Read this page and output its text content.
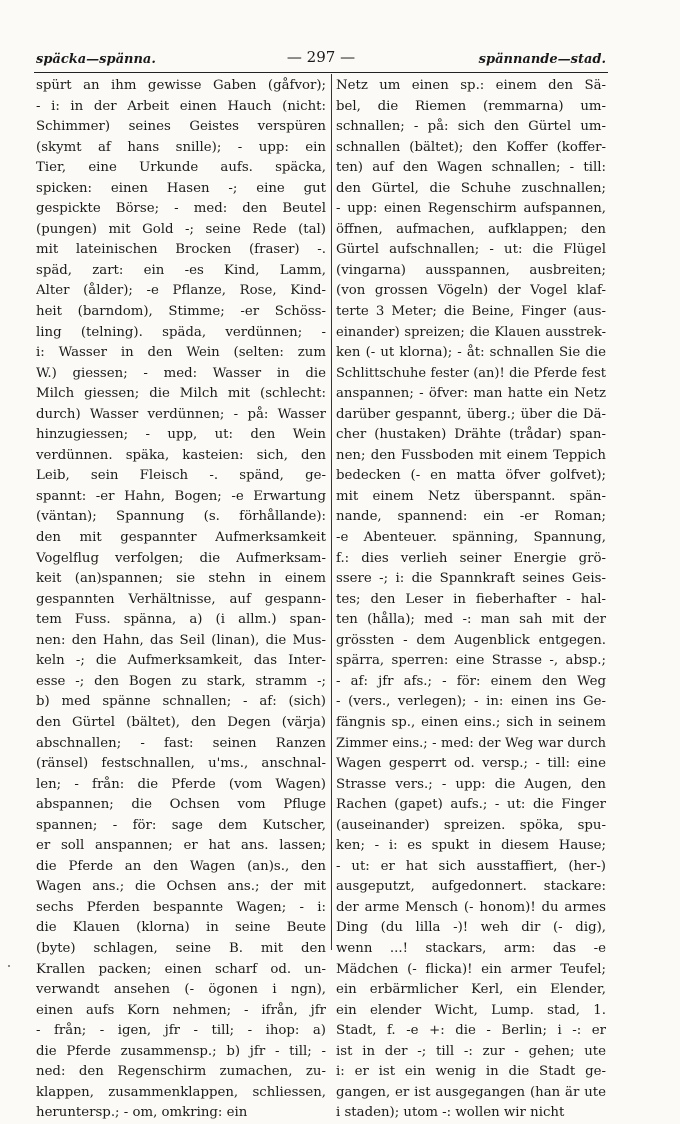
späcka—spänna.	— 297 —	spännande—stad.
spürt an ihm gewisse Gaben (gåfvor);
- i: in der Arbeit einen Hauch (nicht:
Schimmer) seines Geistes verspüren
(skymt af hans snille); - upp: ein
Tier, eine Urkunde aufs. späcka,
spicken: einen Hasen -; eine gut
gespickte Börse; - med: den Beutel
(pungen) mit Gold -; seine Rede (tal)
mit lateinischen Brocken (fraser) -.
späd, zart: ein -es Kind, Lamm,
Alter (ålder); -e Pflanze, Rose, Kind-
heit (barndom), Stimme; -er Schöss-
ling (telning). späda, verdünnen; -
i: Wasser in den Wein (selten: zum
W.) giessen; - med: Wasser in die
Milch giessen; die Milch mit (schlecht:
durch) Wasser verdünnen; - på: Wasser
hinzugiessen; - upp, ut: den Wein
verdünnen. späka, kasteien: sich, den
Leib, sein Fleisch -. spänd, ge-
spannt: -er Hahn, Bogen; -e Erwartung
(väntan); Spannung (s. förhållande):
den mit gespannter Aufmerksamkeit
Vogelflug verfolgen; die Aufmerksam-
keit (an)spannen; sie stehn in einem
gespannten Verhältnisse, auf gespann-
tem Fuss. spänna, a) (i allm.) span-
nen: den Hahn, das Seil (linan), die Mus-
keln -; die Aufmerksamkeit, das Inter-
esse -; den Bogen zu stark, stramm -;
b) med spänne schnallen; - af: (sich)
den Gürtel (bältet), den Degen (värja)
abschnallen; - fast: seinen Ranzen
(ränsel) festschnallen, u'ms., anschnal-
len; - från: die Pferde (vom Wagen)
abspannen; die Ochsen vom Pfluge
spannen; - för: sage dem Kutscher,
er soll anspannen; er hat ans. lassen;
die Pferde an den Wagen (an)s., den
Wagen ans.; die Ochsen ans.; der mit
sechs Pferden bespannte Wagen; - i:
die Klauen (klorna) in seine Beute
(byte) schlagen, seine B. mit den
Krallen packen; einen scharf od. un-
verwandt ansehen (- ögonen i ngn),
einen aufs Korn nehmen; - ifrån, jfr
- från; - igen, jfr - till; - ihop: a)
die Pferde zusammensp.; b) jfr - till; -
ned: den Regenschirm zumachen, zu-
klappen, zusammenklappen, schliessen,
heruntersp.; - om, omkring: ein
Netz um einen sp.: einem den Sä-
bel, die Riemen (remmarna) um-
schnallen; - på: sich den Gürtel um-
schnallen (bältet); den Koffer (koffer-
ten) auf den Wagen schnallen; - till:
den Gürtel, die Schuhe zuschnallen;
- upp: einen Regenschirm aufspannen,
öffnen, aufmachen, aufklappen; den
Gürtel aufschnallen; - ut: die Flügel
(vingarna) ausspannen, ausbreiten;
(von grossen Vögeln) der Vogel klaf-
terte 3 Meter; die Beine, Finger (aus-
einander) spreizen; die Klauen ausstrek-
ken (- ut klorna); - åt: schnallen Sie die
Schlittschuhe fester (an)! die Pferde fest
anspannen; - öfver: man hatte ein Netz
darüber gespannt, überg.; über die Dä-
cher (hustaken) Drähte (trådar) span-
nen; den Fussboden mit einem Teppich
bedecken (- en matta öfver golfvet);
mit einem Netz überspannt. spän-
nande, spannend: ein -er Roman;
-e Abenteuer. spänning, Spannung,
f.: dies verlieh seiner Energie grö-
ssere -; i: die Spannkraft seines Geis-
tes; den Leser in fieberhafter - hal-
ten (hålla); med -: man sah mit der
grössten - dem Augenblick entgegen.
spärra, sperren: eine Strasse -, absp.;
- af: jfr afs.; - för: einem den Weg
- (vers., verlegen); - in: einen ins Ge-
fängnis sp., einen eins.; sich in seinem
Zimmer eins.; - med: der Weg war durch
Wagen gesperrt od. versp.; - till: eine
Strasse vers.; - upp: die Augen, den
Rachen (gapet) aufs.; - ut: die Finger
(auseinander) spreizen. spöka, spu-
ken; - i: es spukt in diesem Hause;
- ut: er hat sich ausstaffiert, (her-)
ausgeputzt, aufgedonnert. stackare:
der arme Mensch (- honom)! du armes
Ding (du lilla -)! weh dir (- dig),
wenn ...! stackars, arm: das -e
Mädchen (- flicka)! ein armer Teufel;
ein erbärmlicher Kerl, ein Elender,
ein elender Wicht, Lump. stad, 1.
Stadt, f. -e +: die - Berlin; i -: er
ist in der -; till -: zur - gehen; ute
i: er ist ein wenig in die Stadt ge-
gangen, er ist ausgegangen (han är ute
i staden); utom -: wollen wir nicht
